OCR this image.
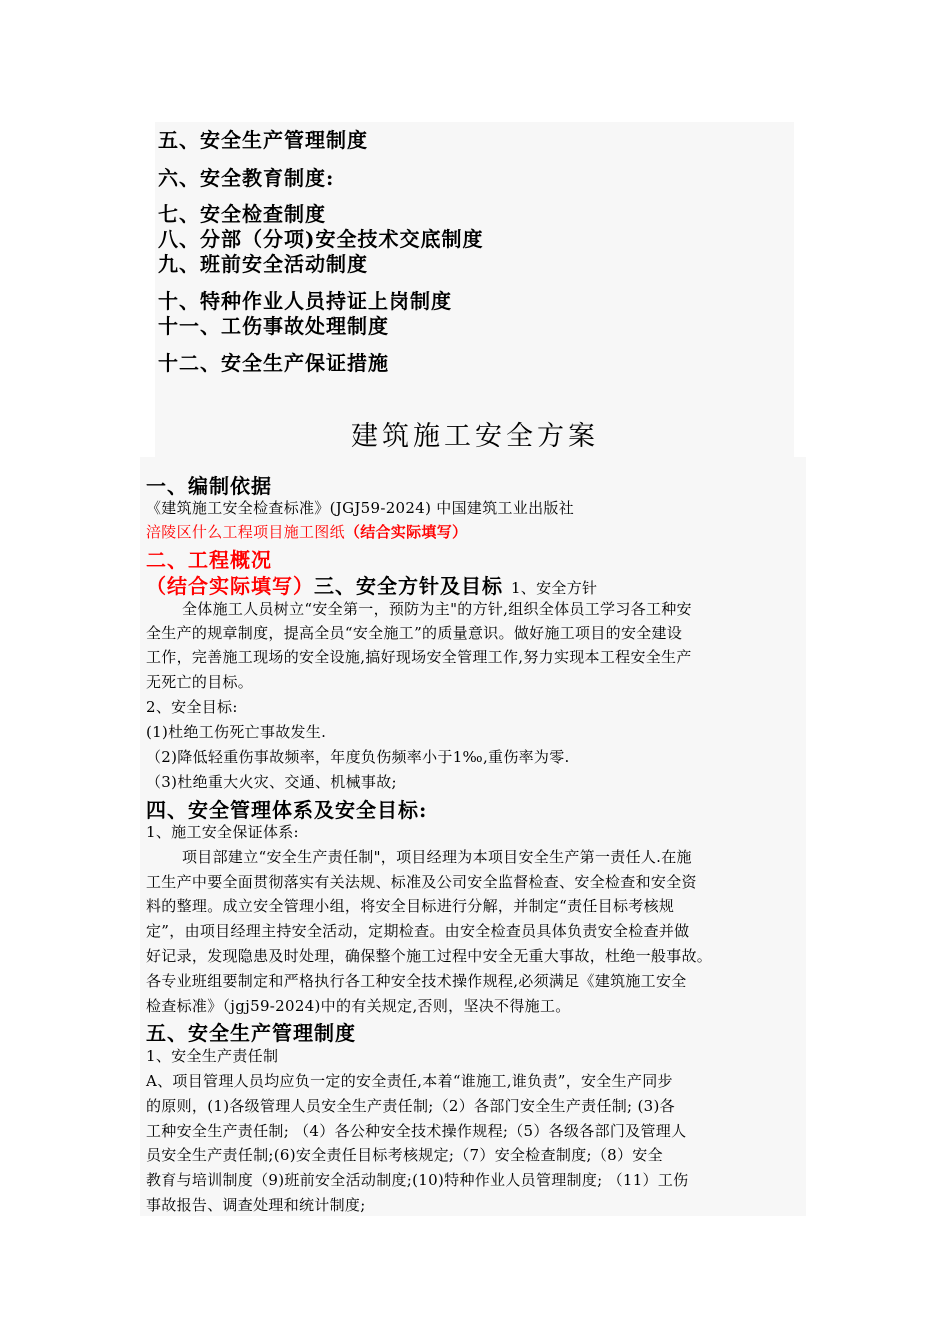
五、安全生产管理制度
六、安全教育制度:
七、安全检查制度
八、分部（分项)安全技术交底制度
九、班前安全活动制度
十、特种作业人员持证上岗制度
十一、工伤事故处理制度
十二、安全生产保证措施
建筑施工安全方案
一、编制依据
《建筑施工安全检查标准》(JGJ59-2024) 中国建筑工业出版社
涪陵区什么工程项目施工图纸（结合实际填写）
二、工程概况
（结合实际填写）三、安全方针及目标 1、安全方针
全体施工人员树立“安全第一，预防为主"的方针,组织全体员工学习各工种安
全生产的规章制度，提高全员“安全施工”的质量意识。做好施工项目的安全建设
工作，完善施工现场的安全设施,搞好现场安全管理工作,努力实现本工程安全生产
无死亡的目标。
2、安全目标:
(1)杜绝工伤死亡事故发生.
（2)降低轻重伤事故频率，年度负伤频率小于1‰,重伤率为零.
（3)杜绝重大火灾、交通、机械事故;
四、安全管理体系及安全目标:
1、施工安全保证体系:
项目部建立“安全生产责任制"，项目经理为本项目安全生产第一责任人.在施
工生产中要全面贯彻落实有关法规、标准及公司安全监督检查、安全检查和安全资
料的整理。成立安全管理小组，将安全目标进行分解，并制定“责任目标考核规
定”，由项目经理主持安全活动，定期检查。由安全检查员具体负责安全检查并做
好记录，发现隐患及时处理，确保整个施工过程中安全无重大事故，杜绝一般事故。
各专业班组要制定和严格执行各工种安全技术操作规程,必须满足《建筑施工安全
检查标准》（jgj59-2024)中的有关规定,否则，坚决不得施工。
五、安全生产管理制度
1、安全生产责任制
A、项目管理人员均应负一定的安全责任,本着“谁施工,谁负责”，安全生产同步
的原则，(1)各级管理人员安全生产责任制;（2）各部门安全生产责任制; (3)各
工种安全生产责任制; （4）各公种安全技术操作规程;（5）各级各部门及管理人
员安全生产责任制;(6)安全责任目标考核规定;（7）安全检查制度;（8）安全
教育与培训制度（9)班前安全活动制度;(10)特种作业人员管理制度; （11）工伤
事故报告、调查处理和统计制度;
